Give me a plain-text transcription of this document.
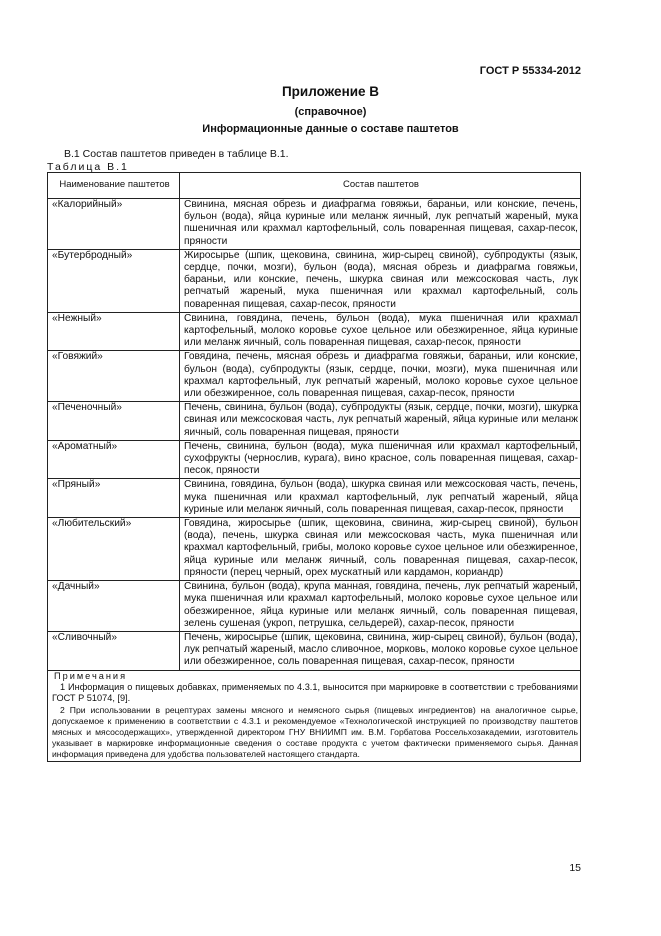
ГОСТ Р 55334-2012
Приложение В
(справочное)
Информационные данные о составе паштетов
В.1 Состав паштетов приведен в таблице В.1.
Таблица В.1
Наименование паштетов	Состав паштетов
«Калорийный»	Свинина, мясная обрезь и диафрагма говяжьи, бараньи, или конские, печень, бульон (вода), яйца куриные или меланж яичный, лук репчатый жареный, мука пшеничная или крахмал картофельный, соль поваренная пищевая, сахар-песок, пряности
«Бутербродный»	Жиросырье (шпик, щековина, свинина, жир-сырец свиной), субпродукты (язык, сердце, почки, мозги), бульон (вода), мясная обрезь и диафрагма говяжьи, бараньи, или конские, печень, шкурка свиная или межсосковая часть, лук репчатый жареный, мука пшеничная или крахмал картофельный, соль поваренная пищевая, сахар-песок, пряности
«Нежный»	Свинина, говядина, печень, бульон (вода), мука пшеничная или крахмал картофельный, молоко коровье сухое цельное или обезжиренное, яйца куриные или меланж яичный, соль поваренная пищевая, сахар-песок, пряности
«Говяжий»	Говядина, печень, мясная обрезь и диафрагма говяжьи, бараньи, или конские, бульон (вода), субпродукты (язык, сердце, почки, мозги), мука пшеничная или крахмал картофельный, лук репчатый жареный, молоко коровье сухое цельное или обезжиренное, соль поваренная пищевая, сахар-песок, пряности
«Печеночный»	Печень, свинина, бульон (вода), субпродукты (язык, сердце, почки, мозги), шкурка свиная или межсосковая часть, лук репчатый жареный, яйца куриные или меланж яичный, соль поваренная пищевая, пряности
«Ароматный»	Печень, свинина, бульон (вода), мука пшеничная или крахмал картофельный, сухофрукты (чернослив, курага), вино красное, соль поваренная пищевая, сахар-песок, пряности
«Пряный»	Свинина, говядина, бульон (вода), шкурка свиная или межсосковая часть, печень, мука пшеничная или крахмал картофельный, лук репчатый жареный, яйца куриные или меланж яичный, соль поваренная пищевая, сахар-песок, пряности
«Любительский»	Говядина, жиросырье (шпик, щековина, свинина, жир-сырец свиной), бульон (вода), печень, шкурка свиная или межсосковая часть, мука пшеничная или крахмал картофельный, грибы, молоко коровье сухое цельное или обезжиренное, яйца куриные или меланж яичный, соль поваренная пищевая, сахар-песок, пряности (перец черный, орех мускатный или кардамон, кориандр)
«Дачный»	Свинина, бульон (вода), крупа манная, говядина, печень, лук репчатый жареный, мука пшеничная или крахмал картофельный, молоко коровье сухое цельное или обезжиренное, яйца куриные или меланж яичный, соль поваренная пищевая, зелень сушеная (укроп, петрушка, сельдерей), сахар-песок, пряности
«Сливочный»	Печень, жиросырье (шпик, щековина, свинина, жир-сырец свиной), бульон (вода), лук репчатый жареный, масло сливочное, морковь, молоко коровье сухое цельное или обезжиренное, соль поваренная пищевая, сахар-песок, пряности

Примечания
1 Информация о пищевых добавках, применяемых по 4.3.1, выносится при маркировке в соответствии с требованиями ГОСТ Р 51074, [9].
2 При использовании в рецептурах замены мясного и немясного сырья (пищевых ингредиентов) на аналогичное сырье, допускаемое к применению в соответствии с 4.3.1 и рекомендуемое «Технологической инструкцией по производству паштетов мясных и мясосодержащих», утвержденной директором ГНУ ВНИИМП им. В.М. Горбатова Россельхозакадемии, изготовитель указывает в маркировке информационные сведения о составе продукта с учетом фактически применяемого сырья. Данная информация приведена для удобства пользователей настоящего стандарта.	
15
